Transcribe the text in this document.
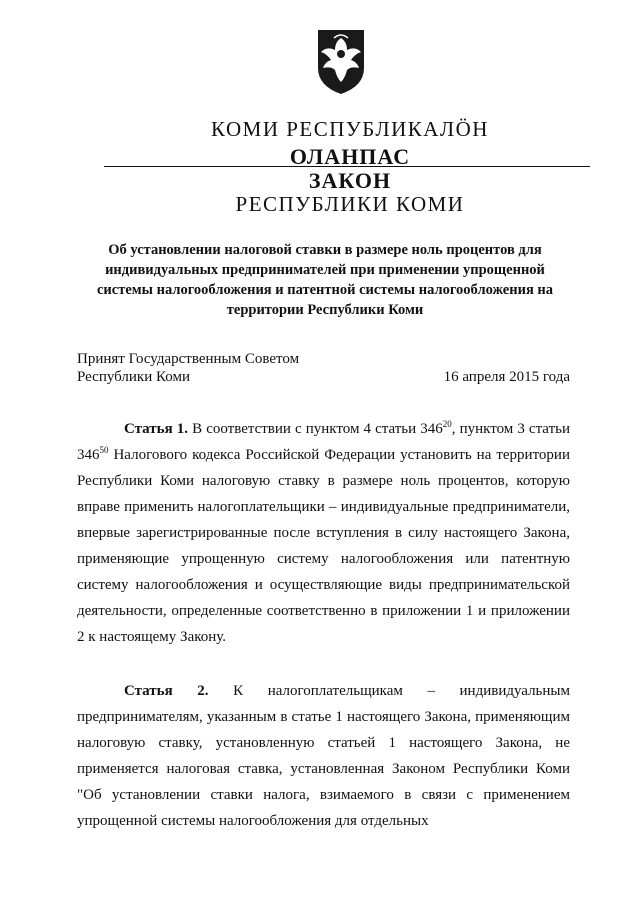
КОМИ РЕСПУБЛИКАЛӦН
ОЛАНПАС
ЗАКОН
РЕСПУБЛИКИ КОМИ
Об установлении налоговой ставки в размере ноль процентов для индивидуальных предпринимателей при применении упрощенной системы налогообложения и патентной системы налогообложения на территории Республики Коми
Принят Государственным Советом
Республики Коми	16 апреля 2015 года
Статья 1. В соответствии с пунктом 4 статьи $346^{20}$, пунктом 3 статьи $346^{50}$ Налогового кодекса Российской Федерации установить на территории Республики Коми налоговую ставку в размере ноль процентов, которую вправе применить налогоплательщики – индивидуальные предприниматели, впервые зарегистрированные после вступления в силу настоящего Закона, применяющие упрощенную систему налогообложения или патентную систему налогообложения и осуществляющие виды предпринимательской деятельности, определенные соответственно в приложении 1 и приложении 2 к настоящему Закону.
Статья 2. К налогоплательщикам – индивидуальным предпринимателям, указанным в статье 1 настоящего Закона, применяющим налоговую ставку, установленную статьей 1 настоящего Закона, не применяется налоговая ставка, установленная Законом Республики Коми "Об установлении ставки налога, взимаемого в связи с применением упрощенной системы налогообложения для отдельных
